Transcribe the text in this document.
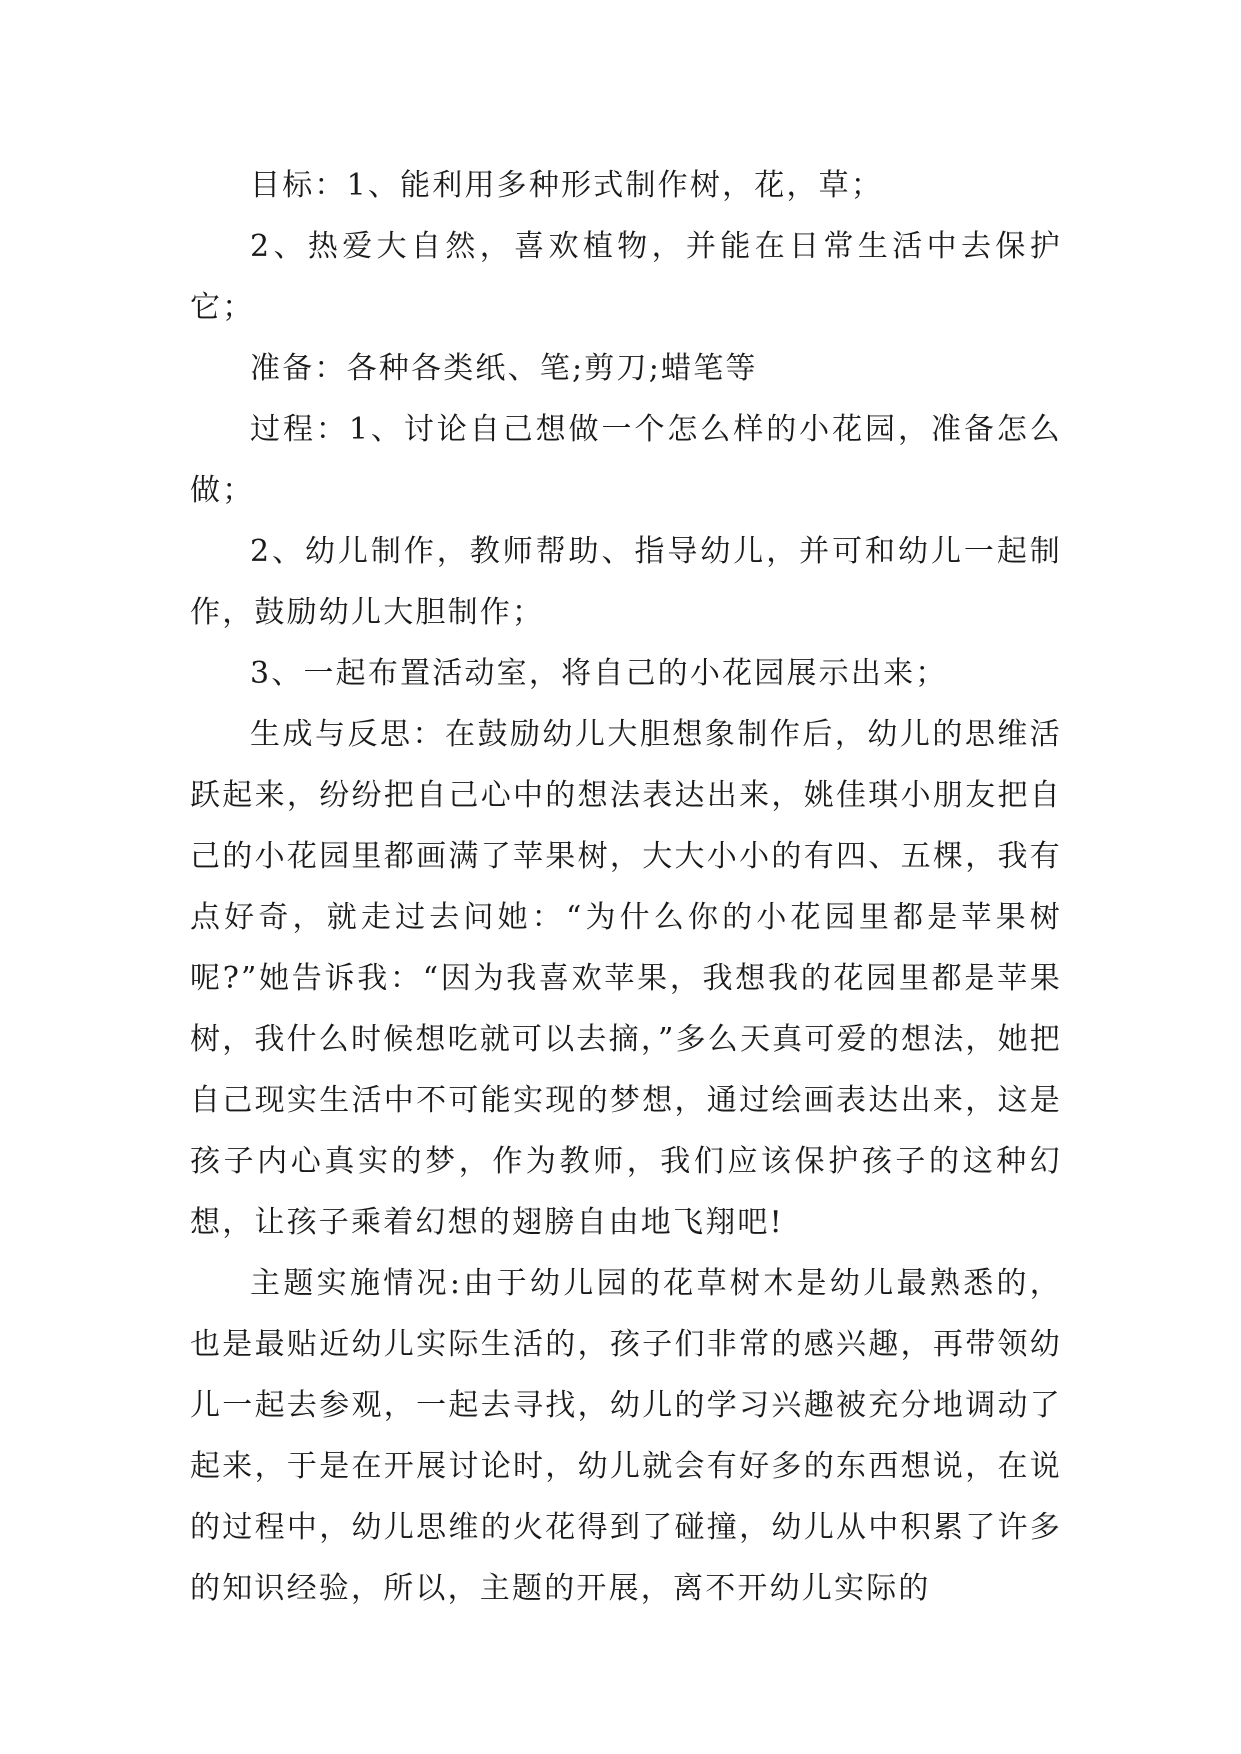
目标：1、能利用多种形式制作树，花，草；

2、热爱大自然，喜欢植物，并能在日常生活中去保护它；

准备：各种各类纸、笔;剪刀;蜡笔等

过程：1、讨论自己想做一个怎么样的小花园，准备怎么做；

2、幼儿制作，教师帮助、指导幼儿，并可和幼儿一起制作，鼓励幼儿大胆制作；

3、一起布置活动室，将自己的小花园展示出来；

生成与反思：在鼓励幼儿大胆想象制作后，幼儿的思维活跃起来，纷纷把自己心中的想法表达出来，姚佳琪小朋友把自己的小花园里都画满了苹果树，大大小小的有四、五棵，我有点好奇，就走过去问她：“为什么你的小花园里都是苹果树呢?”她告诉我：“因为我喜欢苹果，我想我的花园里都是苹果树，我什么时候想吃就可以去摘，”多么天真可爱的想法，她把自己现实生活中不可能实现的梦想，通过绘画表达出来，这是孩子内心真实的梦，作为教师，我们应该保护孩子的这种幻想，让孩子乘着幻想的翅膀自由地飞翔吧!

主题实施情况:由于幼儿园的花草树木是幼儿最熟悉的，也是最贴近幼儿实际生活的，孩子们非常的感兴趣，再带领幼儿一起去参观，一起去寻找，幼儿的学习兴趣被充分地调动了起来，于是在开展讨论时，幼儿就会有好多的东西想说，在说的过程中，幼儿思维的火花得到了碰撞，幼儿从中积累了许多的知识经验，所以，主题的开展，离不开幼儿实际的
